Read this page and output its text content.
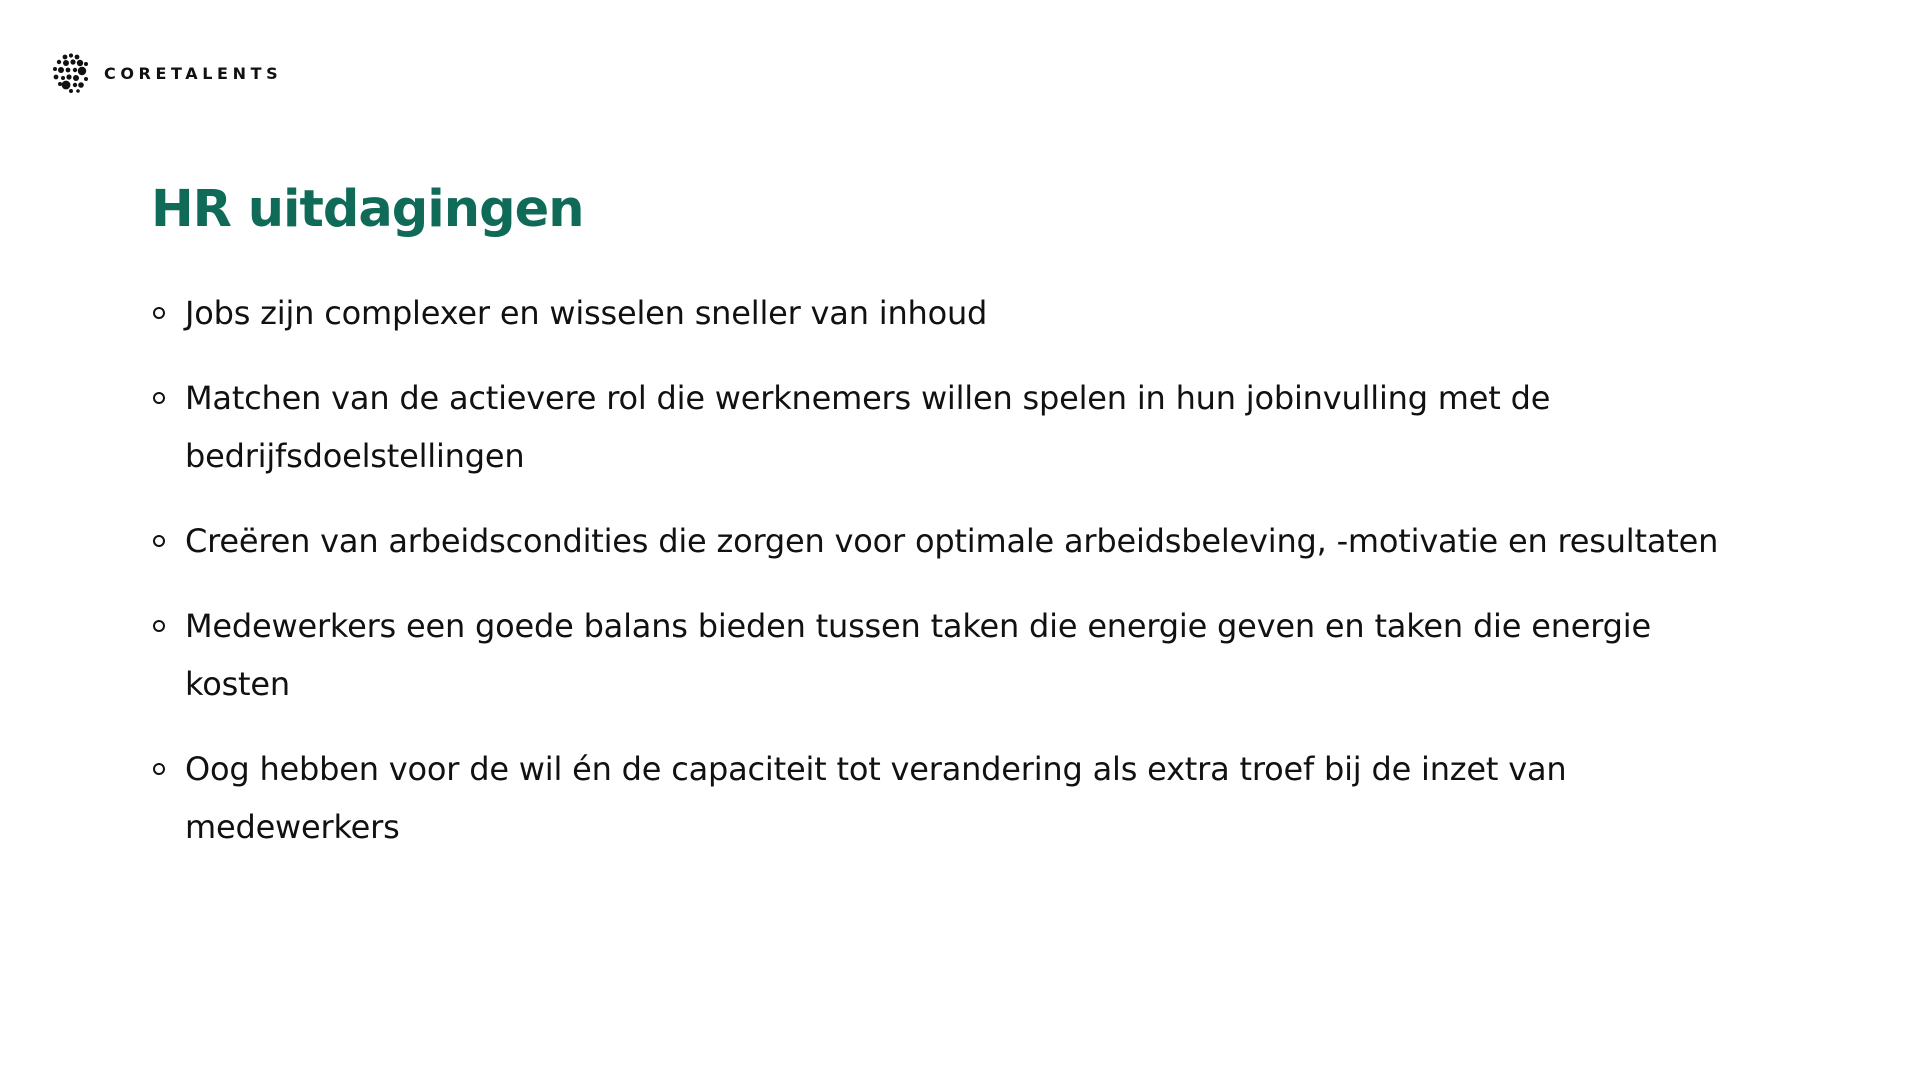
CORETALENTS
HR uitdagingen
Jobs zijn complexer en wisselen sneller van inhoud
Matchen van de actievere rol die werknemers willen spelen in hun jobinvulling met de bedrijfsdoelstellingen
Creëren van arbeidscondities die zorgen voor optimale arbeidsbeleving, -motivatie en resultaten
Medewerkers een goede balans bieden tussen taken die energie geven en taken die energie kosten
Oog hebben voor de wil én de capaciteit tot verandering als extra troef bij de inzet van medewerkers
